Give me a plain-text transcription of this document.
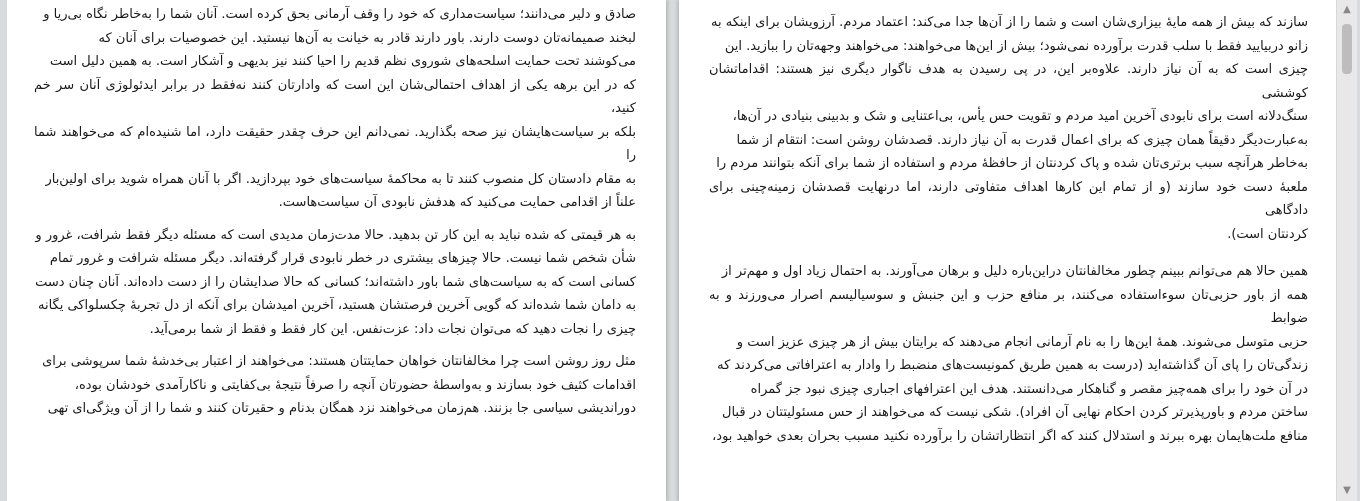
صادق و دلیر می‌دانند؛ سیاست‌مداری که خود را وقف آرمانی بحق کرده است. آنان شما را به‌خاطر نگاه بی‌ریا و
لبخند صمیمانه‌تان دوست دارند. باور دارند قادر به خیانت به آن‌ها نیستید. این خصوصیات برای آنان که
می‌کوشند تحت حمایت اسلحه‌های شوروی نظم قدیم را احیا کنند نیز بدیهی و آشکار است. به همین دلیل است
که در این برهه یکی از اهداف احتمالی‌شان این است که وادارتان کنند نه‌فقط در برابر ایدئولوژی آنان سر خم کنید،
بلکه بر سیاست‌هایشان نیز صحه بگذارید. نمی‌دانم این حرف چقدر حقیقت دارد، اما شنیده‌ام که می‌خواهند شما را
به مقام دادستان کل منصوب کنند تا به محاکمهٔ سیاست‌های خود بپردازید. اگر با آنان همراه شوید برای اولین‌بار
علناً از اقدامی حمایت می‌کنید که هدفش نابودی آن سیاست‌هاست.

به هر قیمتی که شده نباید به این کار تن بدهید. حالا مدت‌زمان مدیدی است که مسئله دیگر فقط شرافت، غرور و
شأن شخص شما نیست. حالا چیزهای بیشتری در خطر نابودی قرار گرفته‌اند. دیگر مسئله شرافت و غرور تمام
کسانی است که به سیاست‌های شما باور داشته‌اند؛ کسانی که حالا صدایشان را از دست داده‌اند. آنان چنان دست
به دامان شما شده‌اند که گویی آخرین فرصتشان هستید، آخرین امیدشان برای آنکه از دل تجربهٔ چکسلواکی یگانه
چیزی را نجات دهید که می‌توان نجات داد: عزت‌نفس. این کار فقط و فقط از شما برمی‌آید.

مثل روز روشن است چرا مخالفانتان خواهان حمایتتان هستند: می‌خواهند از اعتبار بی‌خدشهٔ شما سرپوشی برای
اقدامات کثیف خود بسازند و به‌واسطهٔ حضورتان آنچه را صرفاً نتیجهٔ بی‌کفایتی و ناکارآمدی خودشان بوده،
دوراندیشی سیاسی جا بزنند. هم‌زمان می‌خواهند نزد همگان بدنام و حقیرتان کنند و شما را از آن ویژگی‌ای تهی

سازند که بیش از همه مایهٔ بیزاری‌شان است و شما را از آن‌ها جدا می‌کند: اعتماد مردم. آرزویشان برای اینکه به
زانو دربیایید فقط با سلب قدرت برآورده نمی‌شود؛ بیش از این‌ها می‌خواهند: می‌خواهند وجهه‌تان را ببازید. این
چیزی است که به آن نیاز دارند. علاوه‌بر این، در پی رسیدن به هدف ناگوار دیگری نیز هستند: اقداماتشان کوششی
سنگ‌دلانه است برای نابودی آخرین امید مردم و تقویت حس یأس، بی‌اعتنایی و شک و بدبینی بنیادی در آن‌ها،
به‌عبارت‌دیگر دقیقاً همان چیزی که برای اعمال قدرت به آن نیاز دارند. قصدشان روشن است: انتقام از شما
به‌خاطر هرآنچه سبب برتری‌تان شده و پاک کردنتان از حافظهٔ مردم و استفاده از شما برای آنکه بتوانند مردم را
ملعبهٔ دست خود سازند (و از تمام این کارها اهداف متفاوتی دارند، اما درنهایت قصدشان زمینه‌چینی برای دادگاهی
کردنتان است).

همین حالا هم می‌توانم ببینم چطور مخالفانتان دراین‌باره دلیل و برهان می‌آورند. به احتمال زیاد اول و مهم‌تر از
همه از باور حزبی‌تان سوءاستفاده می‌کنند، بر منافع حزب و این جنبش و سوسیالیسم اصرار می‌ورزند و به ضوابط
حزبی متوسل می‌شوند. همهٔ این‌ها را به نام آرمانی انجام می‌دهند که برایتان بیش از هر چیزی عزیز است و
زندگی‌تان را پای آن گذاشته‌اید (درست به همین طریق کمونیست‌های منضبط را وادار به اعترافاتی می‌کردند که
در آن خود را برای همه‌چیز مقصر و گناهکار می‌دانستند. هدف این اعترافهای اجباری چیزی نبود جز گمراه
ساختن مردم و باورپذیرتر کردن احکام نهایی آن افراد). شکی نیست که می‌خواهند از حس مسئولیتتان در قبال
منافع ملت‌هایمان بهره ببرند و استدلال کنند که اگر انتظاراتشان را برآورده نکنید مسبب بحران بعدی خواهید بود،

▲
▼
